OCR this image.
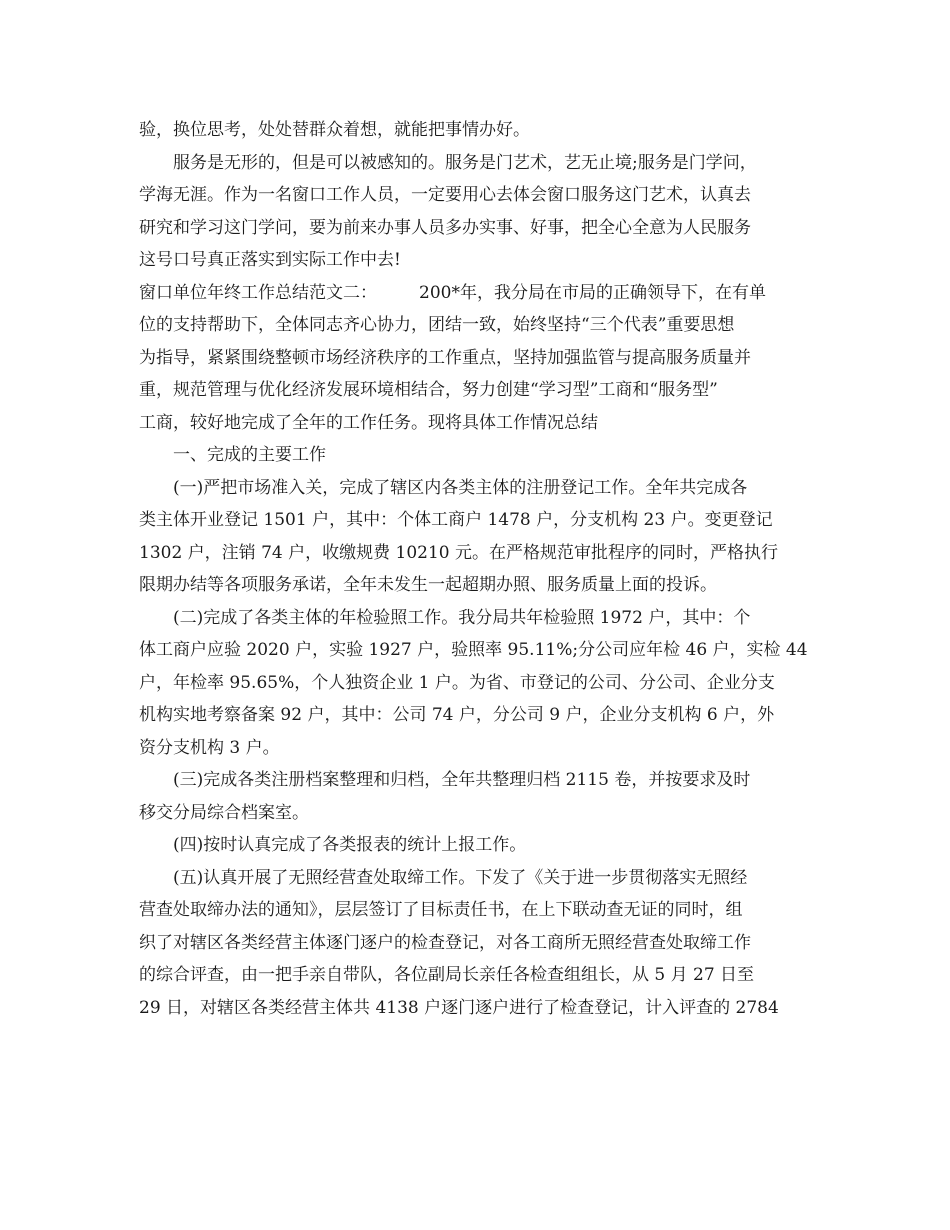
验，换位思考，处处替群众着想，就能把事情办好。
服务是无形的，但是可以被感知的。服务是门艺术，艺无止境;服务是门学问，
学海无涯。作为一名窗口工作人员，一定要用心去体会窗口服务这门艺术，认真去
研究和学习这门学问，要为前来办事人员多办实事、好事，把全心全意为人民服务
这号口号真正落实到实际工作中去!
窗口单位年终工作总结范文二： 200*年，我分局在市局的正确领导下，在有单
位的支持帮助下，全体同志齐心协力，团结一致，始终坚持“三个代表”重要思想
为指导，紧紧围绕整顿市场经济秩序的工作重点，坚持加强监管与提高服务质量并
重，规范管理与优化经济发展环境相结合，努力创建“学习型”工商和“服务型”
工商，较好地完成了全年的工作任务。现将具体工作情况总结
一、完成的主要工作
(一)严把市场准入关，完成了辖区内各类主体的注册登记工作。全年共完成各
类主体开业登记 1501 户，其中：个体工商户 1478 户，分支机构 23 户。变更登记
1302 户，注销 74 户，收缴规费 10210 元。在严格规范审批程序的同时，严格执行
限期办结等各项服务承诺，全年未发生一起超期办照、服务质量上面的投诉。
(二)完成了各类主体的年检验照工作。我分局共年检验照 1972 户，其中：个
体工商户应验 2020 户，实验 1927 户，验照率 95.11%;分公司应年检 46 户，实检 44
户，年检率 95.65%，个人独资企业 1 户。为省、市登记的公司、分公司、企业分支
机构实地考察备案 92 户，其中：公司 74 户，分公司 9 户，企业分支机构 6 户，外
资分支机构 3 户。
(三)完成各类注册档案整理和归档，全年共整理归档 2115 卷，并按要求及时
移交分局综合档案室。
(四)按时认真完成了各类报表的统计上报工作。
(五)认真开展了无照经营查处取缔工作。下发了《关于进一步贯彻落实无照经
营查处取缔办法的通知》，层层签订了目标责任书，在上下联动查无证的同时，组
织了对辖区各类经营主体逐门逐户的检查登记，对各工商所无照经营查处取缔工作
的综合评查，由一把手亲自带队，各位副局长亲任各检查组组长，从 5 月 27 日至
29 日，对辖区各类经营主体共 4138 户逐门逐户进行了检查登记，计入评查的 2784
